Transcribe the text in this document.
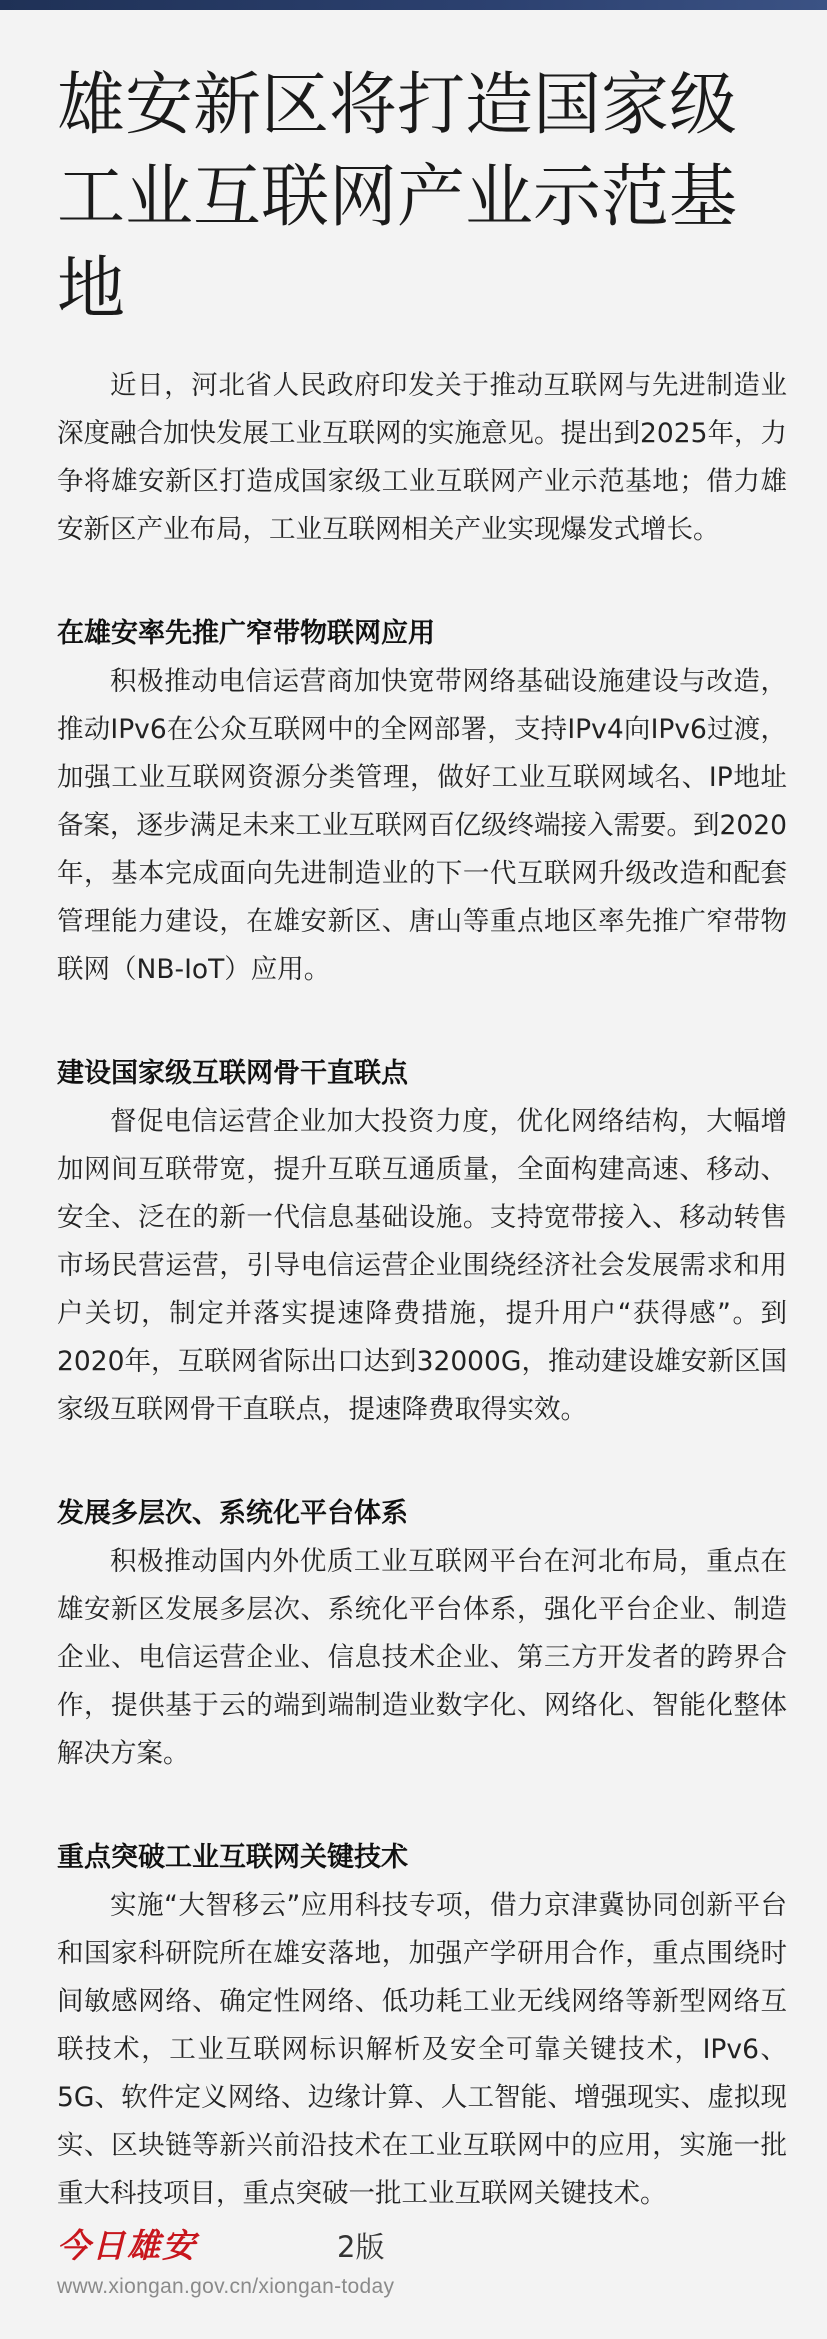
雄安新区将打造国家级工业互联网产业示范基地

近日，河北省人民政府印发关于推动互联网与先进制造业深度融合加快发展工业互联网的实施意见。提出到2025年，力争将雄安新区打造成国家级工业互联网产业示范基地；借力雄安新区产业布局，工业互联网相关产业实现爆发式增长。

在雄安率先推广窄带物联网应用

积极推动电信运营商加快宽带网络基础设施建设与改造，推动IPv6在公众互联网中的全网部署，支持IPv4向IPv6过渡，加强工业互联网资源分类管理，做好工业互联网域名、IP地址备案，逐步满足未来工业互联网百亿级终端接入需要。到2020年，基本完成面向先进制造业的下一代互联网升级改造和配套管理能力建设，在雄安新区、唐山等重点地区率先推广窄带物联网（NB-IoT）应用。

建设国家级互联网骨干直联点

督促电信运营企业加大投资力度，优化网络结构，大幅增加网间互联带宽，提升互联互通质量，全面构建高速、移动、安全、泛在的新一代信息基础设施。支持宽带接入、移动转售市场民营运营，引导电信运营企业围绕经济社会发展需求和用户关切，制定并落实提速降费措施，提升用户“获得感”。到2020年，互联网省际出口达到32000G，推动建设雄安新区国家级互联网骨干直联点，提速降费取得实效。

发展多层次、系统化平台体系

积极推动国内外优质工业互联网平台在河北布局，重点在雄安新区发展多层次、系统化平台体系，强化平台企业、制造企业、电信运营企业、信息技术企业、第三方开发者的跨界合作，提供基于云的端到端制造业数字化、网络化、智能化整体解决方案。

重点突破工业互联网关键技术

实施“大智移云”应用科技专项，借力京津冀协同创新平台和国家科研院所在雄安落地，加强产学研用合作，重点围绕时间敏感网络、确定性网络、低功耗工业无线网络等新型网络互联技术，工业互联网标识解析及安全可靠关键技术，IPv6、5G、软件定义网络、边缘计算、人工智能、增强现实、虚拟现实、区块链等新兴前沿技术在工业互联网中的应用，实施一批重大科技项目，重点突破一批工业互联网关键技术。

今日雄安	2版
www.xiongan.gov.cn/xiongan-today
